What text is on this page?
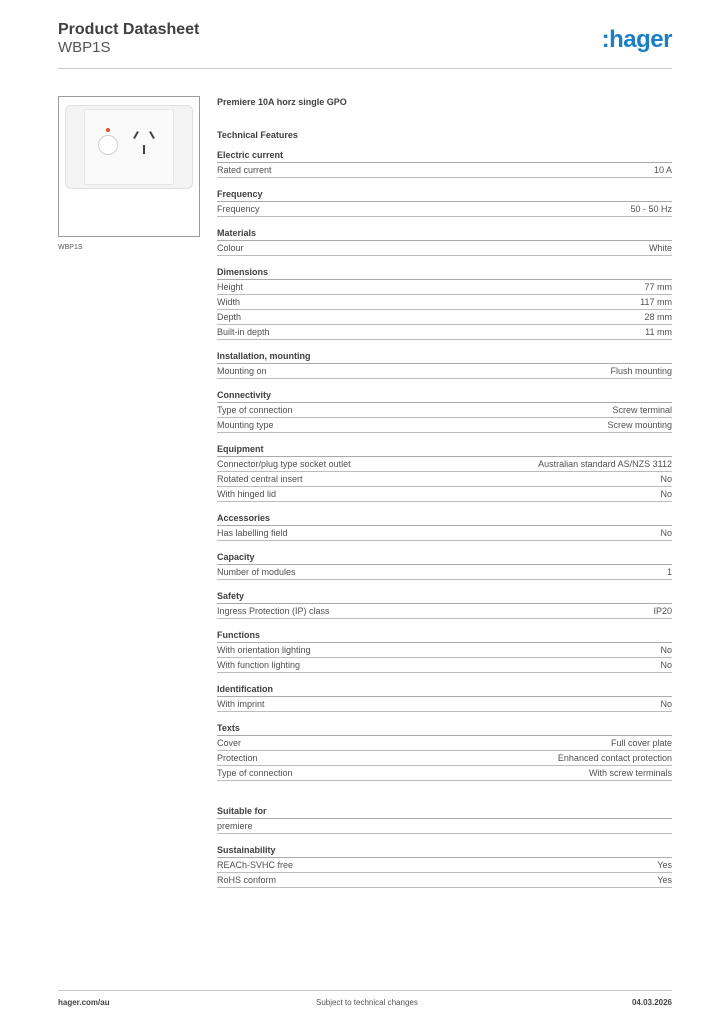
Product Datasheet
WBP1S	:hager
WBP1S
Premiere 10A horz single GPO
Technical Features
Electric current
Rated current	10 A
Frequency
Frequency	50 - 50 Hz
Materials
Colour	White
Dimensions
Height	77 mm
Width	117 mm
Depth	28 mm
Built-in depth	11 mm
Installation, mounting
Mounting on	Flush mounting
Connectivity
Type of connection	Screw terminal
Mounting type	Screw mounting
Equipment
Connector/plug type socket outlet	Australian standard AS/NZS 3112
Rotated central insert	No
With hinged lid	No
Accessories
Has labelling field	No
Capacity
Number of modules	1
Safety
Ingress Protection (IP) class	IP20
Functions
With orientation lighting	No
With function lighting	No
Identification
With imprint	No
Texts
Cover	Full cover plate
Protection	Enhanced contact protection
Type of connection	With screw terminals
Suitable for
premiere
Sustainability
REACh-SVHC free	Yes
RoHS conform	Yes
hager.com/au	Subject to technical changes	04.03.2026
